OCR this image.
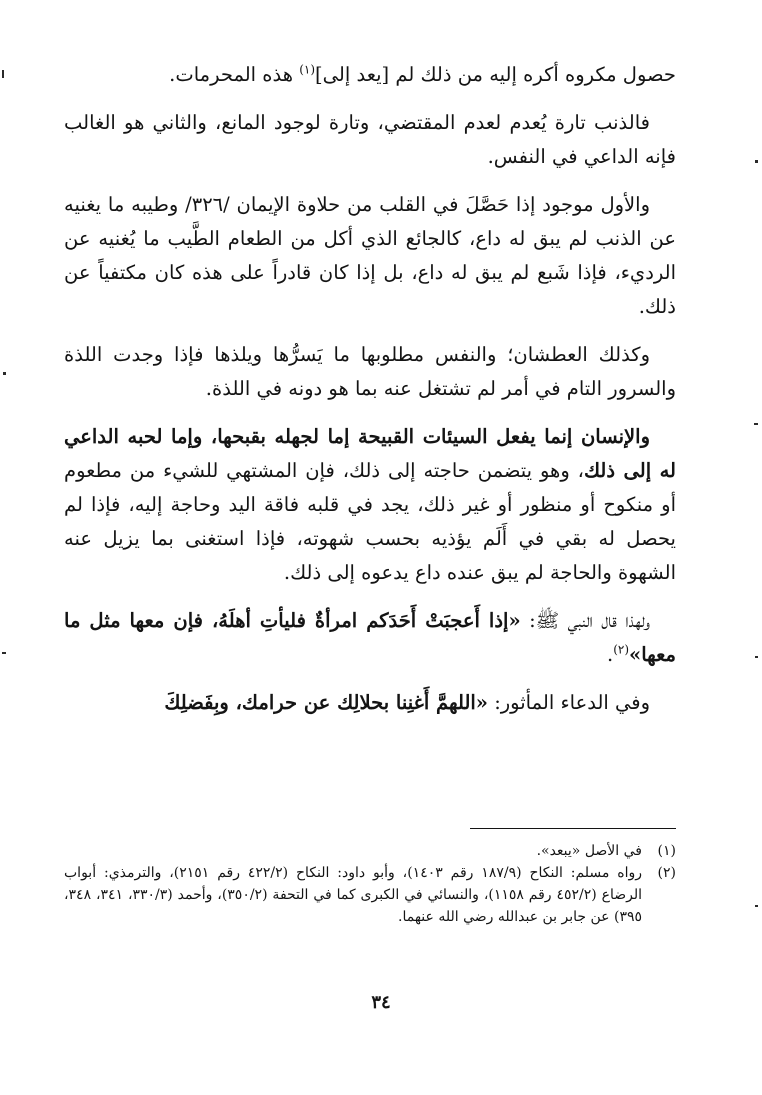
حصول مكروه أكره إليه من ذلك لم [يعد إلى]$^{(١)}$ هذه المحرمات.

فالذنب تارة يُعدم لعدم المقتضي، وتارة لوجود المانع، والثاني هو الغالب فإنه الداعي في النفس.

والأول موجود إذا حَصَّلَ في القلب من حلاوة الإيمان /٣٢٦/ وطيبه ما يغنيه عن الذنب لم يبق له داع، كالجائع الذي أكل من الطعام الطَّيب ما يُغنيه عن الرديء، فإذا شَبع لم يبق له داع، بل إذا كان قادراً على هذه كان مكتفياً عن ذلك.

وكذلك العطشان؛ والنفس مطلوبها ما يَسرُّها ويلذها فإذا وجدت اللذة والسرور التام في أمر لم تشتغل عنه بما هو دونه في اللذة.

والإنسان إنما يفعل السيئات القبيحة إما لجهله بقبحها، وإما لحبه الداعي له إلى ذلك، وهو يتضمن حاجته إلى ذلك، فإن المشتهي للشيء من مطعوم أو منكوح أو منظور أو غير ذلك، يجد في قلبه فاقة اليد وحاجة إليه، فإذا لم يحصل له بقي في أَلَم يؤذيه بحسب شهوته، فإذا استغنى بما يزيل عنه الشهوة والحاجة لم يبق عنده داع يدعوه إلى ذلك.

ولهذا قال النبي ﷺ: «إذا أَعجبَتْ أَحَدَكم امرأةٌ فليأتِ أهلَهُ، فإن معها مثل ما معها»$^{(٢)}$.

وفي الدعاء المأثور: «اللهمَّ أَغنِنا بحلالِك عن حرامك، وبِفَضلِكَ

(١)
في الأصل «يبعد».
(٢)
رواه مسلم: النكاح (١٨٧/٩ رقم ١٤٠٣)، وأبو داود: النكاح (٤٢٢/٢ رقم ٢١٥١)، والترمذي: أبواب الرضاع (٤٥٢/٢ رقم ١١٥٨)، والنسائي في الكبرى كما في التحفة (٣٥٠/٢)، وأحمد (٣٣٠/٣، ٣٤١، ٣٤٨، ٣٩٥) عن جابر بن عبدالله رضي الله عنهما.
٣٤
